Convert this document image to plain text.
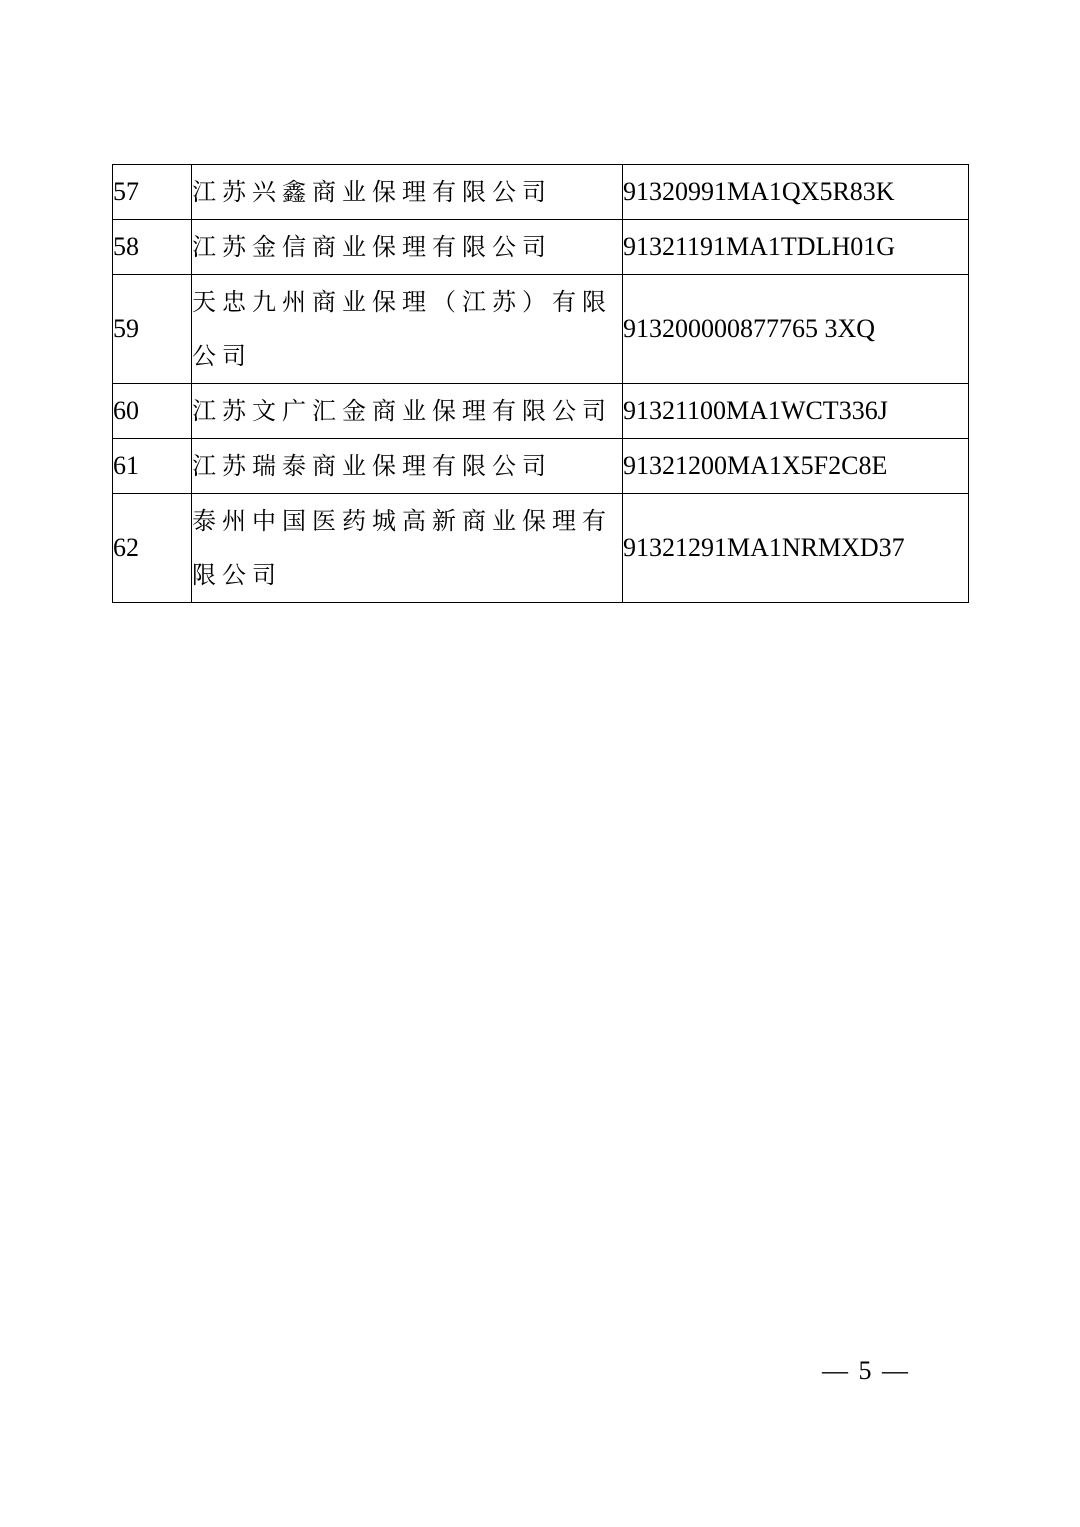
57	江苏兴鑫商业保理有限公司	91320991MA1QX5R83K
58	江苏金信商业保理有限公司	91321191MA1TDLH01G
59	天忠九州商业保理（江苏）有限公司	913200000877765 3XQ
60	江苏文广汇金商业保理有限公司	91321100MA1WCT336J
61	江苏瑞泰商业保理有限公司	91321200MA1X5F2C8E
62	泰州中国医药城高新商业保理有限公司	91321291MA1NRMXD37
— 5 —
